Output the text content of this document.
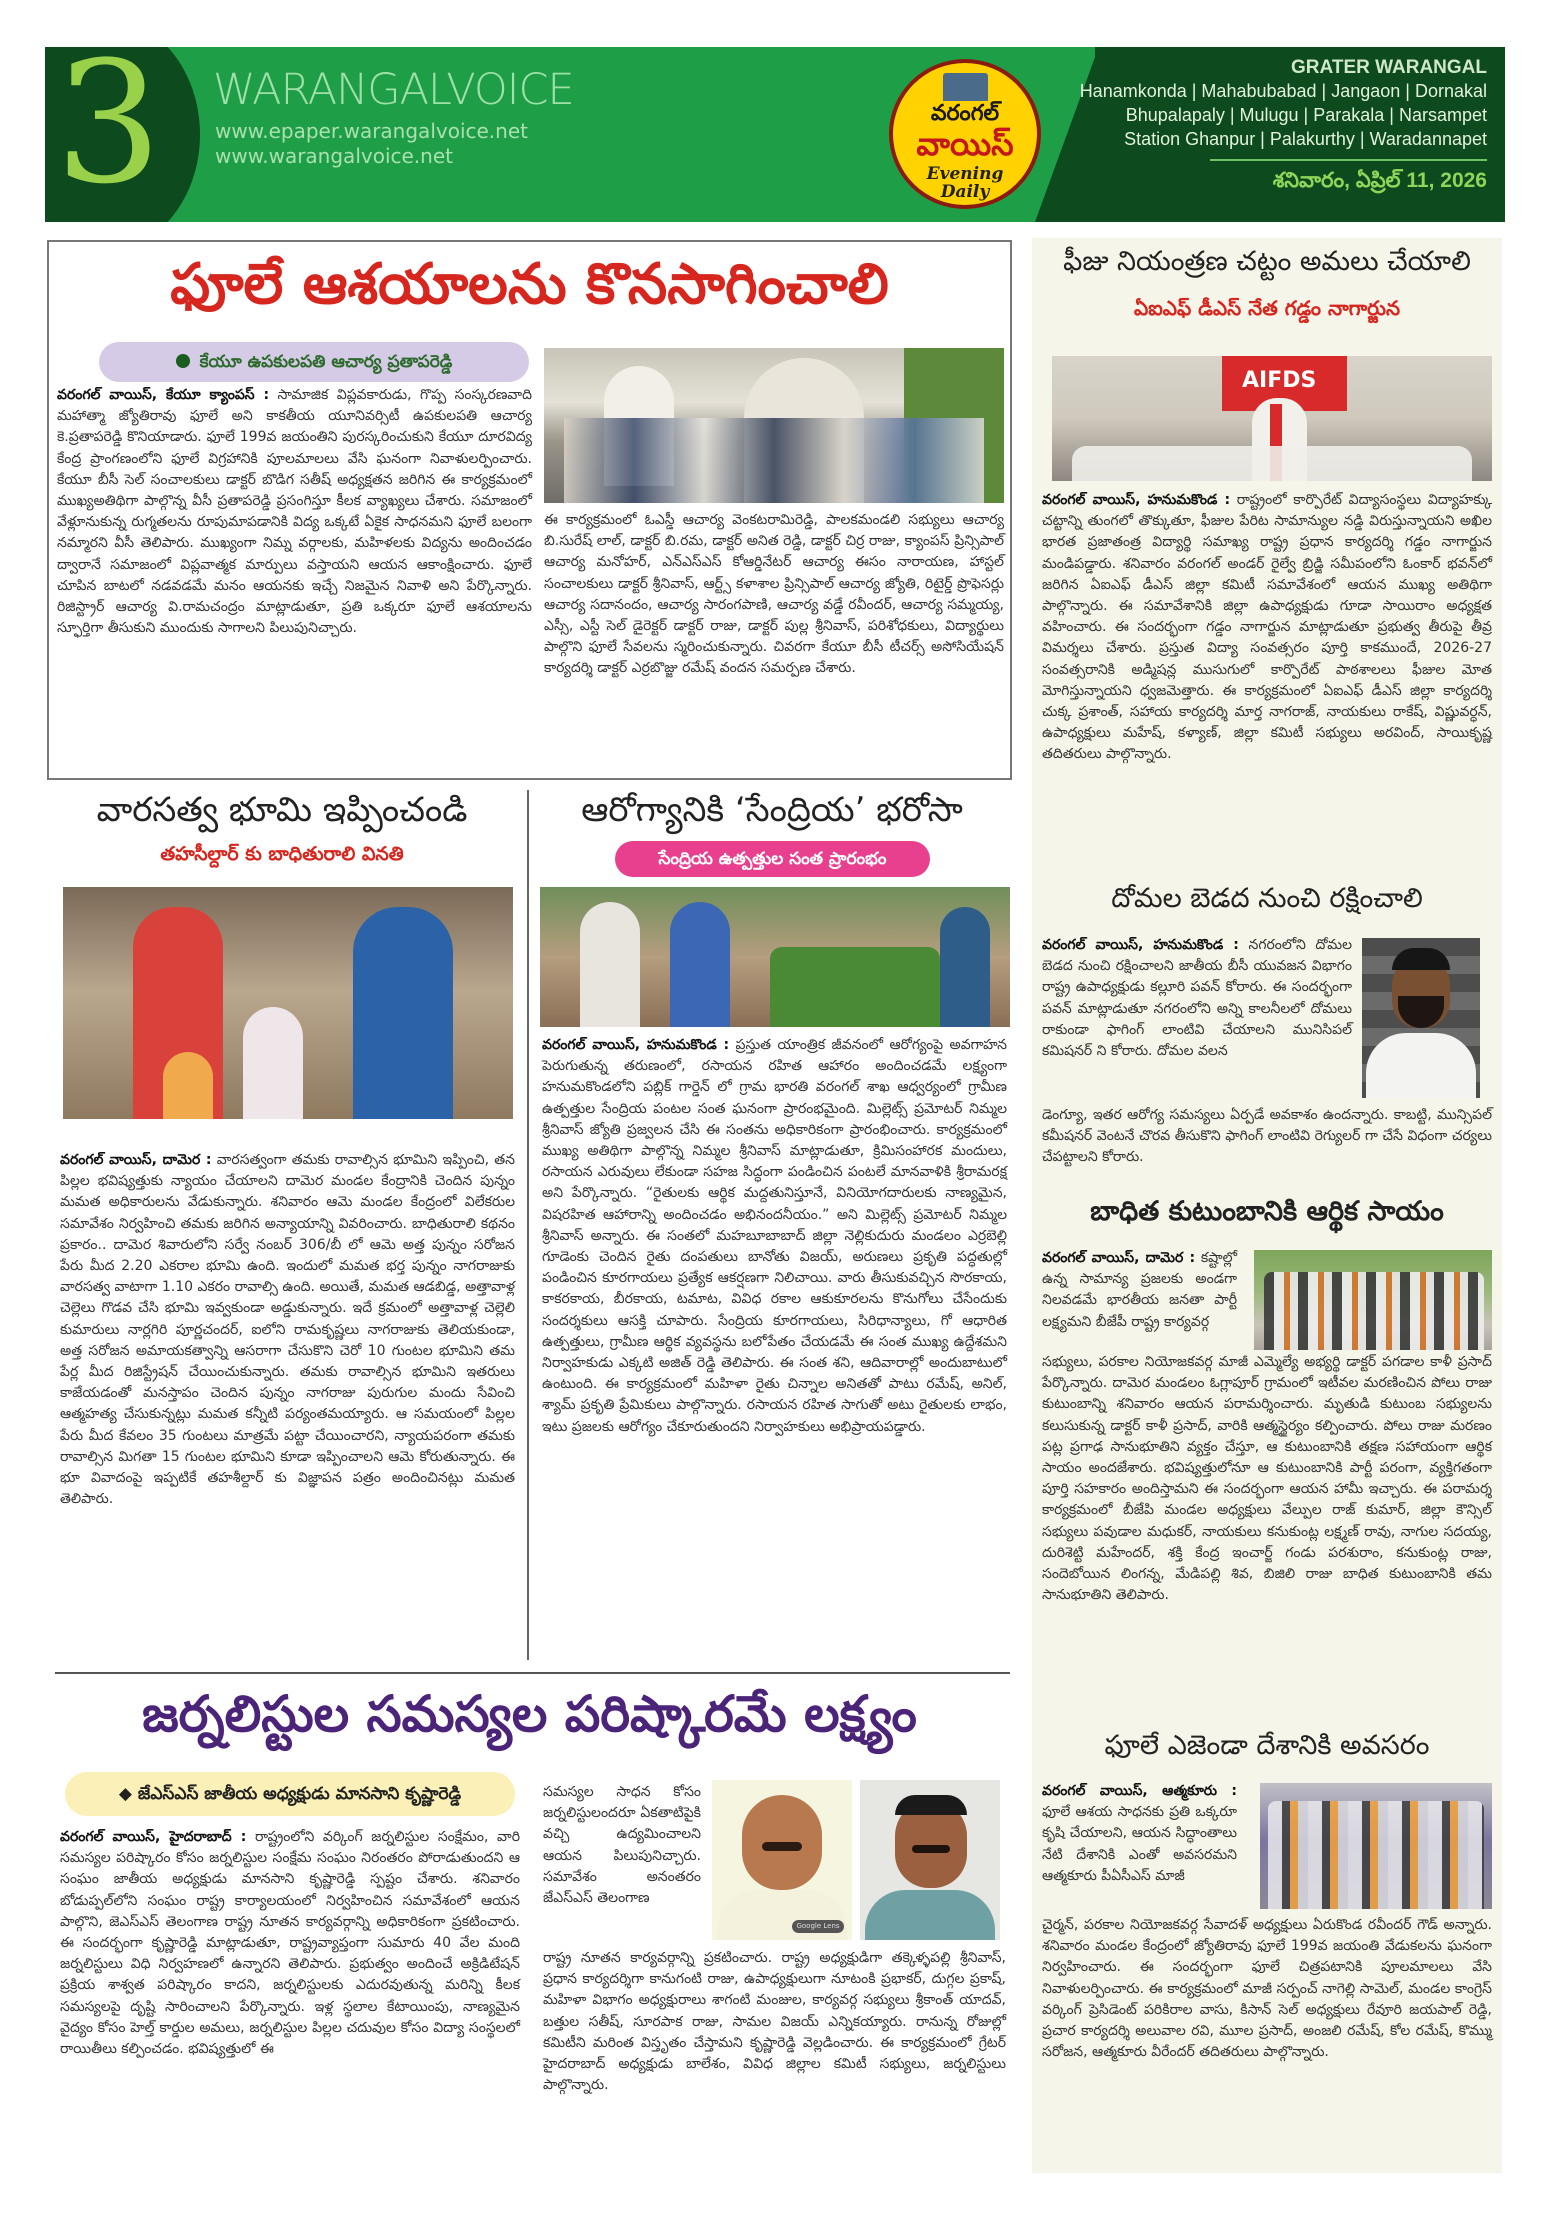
3 WARANGALVOICE
www.epaper.warangalvoice.net
www.warangalvoice.net
వరంగల్
వాయిస్
Evening
Daily
GRATER WARANGAL
Hanamkonda | Mahabubabad | Jangaon | Dornakal
Bhupalapaly | Mulugu | Parakala | Narsampet
Station Ghanpur | Palakurthy | Waradannapet
శనివారం, ఏప్రిల్ 11, 2026
ఫూలే ఆశయాలను కొనసాగించాలి
కేయూ ఉపకులపతి ఆచార్య ప్రతాపరెడ్డి
వరంగల్ వాయిస్, కేయూ క్యాంపస్ : సామాజిక విప్లవకారుడు, గొప్ప సంస్కరణవాది మహాత్మా జ్యోతిరావు ఫూలే అని కాకతీయ యూనివర్సిటీ ఉపకులపతి ఆచార్య కె.ప్రతాపరెడ్డి కొనియాడారు. ఫూలే 199వ జయంతిని పురస్కరించుకుని కేయూ దూరవిద్య కేంద్ర ప్రాంగణంలోని ఫూలే విగ్రహానికి పూలమాలలు వేసి ఘనంగా నివాళులర్పించారు. కేయూ బీసీ సెల్ సంచాలకులు డాక్టర్ బొడిగ సతీష్ అధ్యక్షతన జరిగిన ఈ కార్యక్రమంలో ముఖ్యఅతిథిగా పాల్గొన్న వీసీ ప్రతాపరెడ్డి ప్రసంగిస్తూ కీలక వ్యాఖ్యలు చేశారు. సమాజంలో వేళ్లూనుకున్న రుగ్మతలను రూపుమాపడానికి విద్య ఒక్కటే ఏకైక సాధనమని ఫూలే బలంగా నమ్మారని వీసీ తెలిపారు. ముఖ్యంగా నిమ్న వర్గాలకు, మహిళలకు విద్యను అందించడం ద్వారానే సమాజంలో విప్లవాత్మక మార్పులు వస్తాయని ఆయన ఆకాంక్షించారు. ఫూలే చూపిన బాటలో నడవడమే మనం ఆయనకు ఇచ్చే నిజమైన నివాళి అని పేర్కొన్నారు. రిజిస్ట్రార్ ఆచార్య వి.రామచంద్రం మాట్లాడుతూ, ప్రతి ఒక్కరూ ఫూలే ఆశయాలను స్ఫూర్తిగా తీసుకుని ముందుకు సాగాలని పిలుపునిచ్చారు.
ఈ కార్యక్రమంలో ఓఎస్డీ ఆచార్య వెంకటరామిరెడ్డి, పాలకమండలి సభ్యులు ఆచార్య బి.సురేష్ లాల్, డాక్టర్ బి.రమ, డాక్టర్ అనిత రెడ్డి, డాక్టర్ చిర్ర రాజు, క్యాంపస్ ప్రిన్సిపాల్ ఆచార్య మనోహర్, ఎన్ఎస్ఎస్ కోఆర్డినేటర్ ఆచార్య ఈసం నారాయణ, హాస్టల్ సంచాలకులు డాక్టర్ శ్రీనివాస్, ఆర్ట్స్ కళాశాల ప్రిన్సిపాల్ ఆచార్య జ్యోతి, రిటైర్డ్ ప్రొఫెసర్లు ఆచార్య సదానందం, ఆచార్య సారంగపాణి, ఆచార్య వడ్డే రవీందర్, ఆచార్య సమ్మయ్య, ఎస్సీ, ఎస్టీ సెల్ డైరెక్టర్ డాక్టర్ రాజు, డాక్టర్ పుల్ల శ్రీనివాస్, పరిశోధకులు, విద్యార్థులు పాల్గొని ఫూలే సేవలను స్మరించుకున్నారు. చివరగా కేయూ బీసీ టీచర్స్ అసోసియేషన్ కార్యదర్శి డాక్టర్ ఎర్రబొజ్జు రమేష్ వందన సమర్పణ చేశారు.
వారసత్వ భూమి ఇప్పించండి
తహసీల్దార్ కు బాధితురాలి వినతి
వరంగల్ వాయిస్, దామెర : వారసత్వంగా తమకు రావాల్సిన భూమిని ఇప్పించి, తన పిల్లల భవిష్యత్తుకు న్యాయం చేయాలని దామెర మండల కేంద్రానికి చెందిన పున్నం మమత అధికారులను వేడుకున్నారు. శనివారం ఆమె మండల కేంద్రంలో విలేకరుల సమావేశం నిర్వహించి తమకు జరిగిన అన్యాయాన్ని వివరించారు. బాధితురాలి కథనం ప్రకారం.. దామెర శివారులోని సర్వే నంబర్ 306/బీ లో ఆమె అత్త పున్నం సరోజన పేరు మీద 2.20 ఎకరాల భూమి ఉంది. ఇందులో మమత భర్త పున్నం నాగరాజుకు వారసత్వ వాటాగా 1.10 ఎకరం రావాల్సి ఉంది. అయితే, మమత ఆడబిడ్డ, అత్తావాళ్ల చెల్లెలు గొడవ చేసి భూమి ఇవ్వకుండా అడ్డుకున్నారు. ఇదే క్రమంలో అత్తావాళ్ల చెల్లెలి కుమారులు నార్లగిరి పూర్ణచందర్, ఐలోని రామకృష్ణలు నాగరాజుకు తెలియకుండా, అత్త సరోజన అమాయకత్వాన్ని ఆసరాగా చేసుకొని చెరో 10 గుంటల భూమిని తమ పేర్ల మీద రిజిస్ట్రేషన్ చేయించుకున్నారు. తమకు రావాల్సిన భూమిని ఇతరులు కాజేయడంతో మనస్తాపం చెందిన పున్నం నాగరాజు పురుగుల మందు సేవించి ఆత్మహత్య చేసుకున్నట్లు మమత కన్నీటి పర్యంతమయ్యారు. ఆ సమయంలో పిల్లల పేరు మీద కేవలం 35 గుంటలు మాత్రమే పట్టా చేయించారని, న్యాయపరంగా తమకు రావాల్సిన మిగతా 15 గుంటల భూమిని కూడా ఇప్పించాలని ఆమె కోరుతున్నారు. ఈ భూ వివాదంపై ఇప్పటికే తహశీల్దార్ కు విజ్ఞాపన పత్రం అందించినట్లు మమత తెలిపారు.
ఆరోగ్యానికి ‘సేంద్రియ’ భరోసా
సేంద్రియ ఉత్పత్తుల సంత ప్రారంభం
వరంగల్ వాయిస్, హనుమకొండ : ప్రస్తుత యాంత్రిక జీవనంలో ఆరోగ్యంపై అవగాహన పెరుగుతున్న తరుణంలో, రసాయన రహిత ఆహారం అందించడమే లక్ష్యంగా హనుమకొండలోని పబ్లిక్ గార్డెన్ లో గ్రామ భారతి వరంగల్ శాఖ ఆధ్వర్యంలో గ్రామీణ ఉత్పత్తుల సేంద్రియ పంటల సంత ఘనంగా ప్రారంభమైంది. మిల్లెట్స్ ప్రమోటర్ నిమ్మల శ్రీనివాస్ జ్యోతి ప్రజ్వలన చేసి ఈ సంతను అధికారికంగా ప్రారంభించారు. కార్యక్రమంలో ముఖ్య అతిథిగా పాల్గొన్న నిమ్మల శ్రీనివాస్ మాట్లాడుతూ, క్రిమిసంహారక మందులు, రసాయన ఎరువులు లేకుండా సహజ సిద్ధంగా పండించిన పంటలే మానవాళికి శ్రీరామరక్ష అని పేర్కొన్నారు. “రైతులకు ఆర్థిక మద్దతునిస్తూనే, వినియోగదారులకు నాణ్యమైన, విషరహిత ఆహారాన్ని అందించడం అభినందనీయం.” అని మిల్లెట్స్ ప్రమోటర్ నిమ్మల శ్రీనివాస్ అన్నారు. ఈ సంతలో మహబూబాబాద్ జిల్లా నెల్లికుదురు మండలం ఎర్రబెల్లి గూడెంకు చెందిన రైతు దంపతులు బానోతు విజయ్, అరుణలు ప్రకృతి పద్ధతుల్లో పండించిన కూరగాయలు ప్రత్యేక ఆకర్షణగా నిలిచాయి. వారు తీసుకువచ్చిన సొరకాయ, కాకరకాయ, బీరకాయ, టమాట, వివిధ రకాల ఆకుకూరలను కొనుగోలు చేసేందుకు సందర్శకులు ఆసక్తి చూపారు. సేంద్రియ కూరగాయలు, సిరిధాన్యాలు, గో ఆధారిత ఉత్పత్తులు, గ్రామీణ ఆర్థిక వ్యవస్థను బలోపేతం చేయడమే ఈ సంత ముఖ్య ఉద్దేశమని నిర్వాహకుడు ఎక్కటి అజిత్ రెడ్డి తెలిపారు. ఈ సంత శని, ఆదివారాల్లో అందుబాటులో ఉంటుంది. ఈ కార్యక్రమంలో మహిళా రైతు చిన్నాల అనితతో పాటు రమేష్, అనిల్, శ్యామ్ ప్రకృతి ప్రేమికులు పాల్గొన్నారు. రసాయన రహిత సాగుతో అటు రైతులకు లాభం, ఇటు ప్రజలకు ఆరోగ్యం చేకూరుతుందని నిర్వాహకులు అభిప్రాయపడ్డారు.
జర్నలిస్టుల సమస్యల పరిష్కారమే లక్ష్యం
◆ జేఎస్ఎస్ జాతీయ అధ్యక్షుడు మానసాని కృష్ణారెడ్డి
వరంగల్ వాయిస్, హైదరాబాద్ : రాష్ట్రంలోని వర్కింగ్ జర్నలిస్టుల సంక్షేమం, వారి సమస్యల పరిష్కారం కోసం జర్నలిస్టుల సంక్షేమ సంఘం నిరంతరం పోరాడుతుందని ఆ సంఘం జాతీయ అధ్యక్షుడు మానసాని కృష్ణారెడ్డి స్పష్టం చేశారు. శనివారం బోడుప్పల్‌లోని సంఘం రాష్ట్ర కార్యాలయంలో నిర్వహించిన సమావేశంలో ఆయన పాల్గొని, జెఎస్ఎస్ తెలంగాణ రాష్ట్ర నూతన కార్యవర్గాన్ని అధికారికంగా ప్రకటించారు. ఈ సందర్భంగా కృష్ణారెడ్డి మాట్లాడుతూ, రాష్ట్రవ్యాప్తంగా సుమారు 40 వేల మంది జర్నలిస్టులు విధి నిర్వహణలో ఉన్నారని తెలిపారు. ప్రభుత్వం అందించే అక్రిడిటేషన్ ప్రక్రియ శాశ్వత పరిష్కారం కాదని, జర్నలిస్టులకు ఎదురవుతున్న మరిన్ని కీలక సమస్యలపై దృష్టి సారించాలని పేర్కొన్నారు. ఇళ్ల స్థలాల కేటాయింపు, నాణ్యమైన వైద్యం కోసం హెల్త్ కార్డుల అమలు, జర్నలిస్టుల పిల్లల చదువుల కోసం విద్యా సంస్థలలో రాయితీలు కల్పించడం. భవిష్యత్తులో ఈ
సమస్యల సాధన కోసం జర్నలిస్టులందరూ ఏకతాటిపైకి వచ్చి ఉద్యమించాలని ఆయన పిలుపునిచ్చారు. సమావేశం అనంతరం జేఎస్ఎస్ తెలంగాణ
Google Lens
రాష్ట్ర నూతన కార్యవర్గాన్ని ప్రకటించారు. రాష్ట్ర అధ్యక్షుడిగా తక్కెళ్ళపల్లి శ్రీనివాస్, ప్రధాన కార్యదర్శిగా కానుగంటి రాజు, ఉపాధ్యక్షులుగా నూటంకి ప్రభాకర్, దుగ్గల ప్రకాష్, మహిళా విభాగం అధ్యక్షురాలు శాగంటి మంజుల, కార్యవర్గ సభ్యులు శ్రీకాంత్ యాదవ్, బత్తుల సతీష్, సూరపాక రాజు, సామల విజయ్ ఎన్నికయ్యారు. రానున్న రోజుల్లో కమిటీని మరింత విస్తృతం చేస్తామని కృష్ణారెడ్డి వెల్లడించారు. ఈ కార్యక్రమంలో గ్రేటర్ హైదరాబాద్ అధ్యక్షుడు బాలేశం, వివిధ జిల్లాల కమిటీ సభ్యులు, జర్నలిస్టులు పాల్గొన్నారు.
ఫీజు నియంత్రణ చట్టం అమలు చేయాలి
ఏఐఎఫ్ డీఎస్ నేత గడ్డం నాగార్జున
AIFDS
వరంగల్ వాయిస్, హనుమకొండ : రాష్ట్రంలో కార్పొరేట్ విద్యాసంస్థలు విద్యాహక్కు చట్టాన్ని తుంగలో తొక్కుతూ, ఫీజుల పేరిట సామాన్యుల నడ్డి విరుస్తున్నాయని అఖిల భారత ప్రజాతంత్ర విద్యార్థి సమాఖ్య రాష్ట్ర ప్రధాన కార్యదర్శి గడ్డం నాగార్జున మండిపడ్డారు. శనివారం వరంగల్ అండర్ రైల్వే బ్రిడ్జి సమీపంలోని ఓంకార్ భవన్‌లో జరిగిన ఏఐఎఫ్ డీఎస్ జిల్లా కమిటీ సమావేశంలో ఆయన ముఖ్య అతిథిగా పాల్గొన్నారు. ఈ సమావేశానికి జిల్లా ఉపాధ్యక్షుడు గూడా సాయిరాం అధ్యక్షత వహించారు. ఈ సందర్భంగా గడ్డం నాగార్జున మాట్లాడుతూ ప్రభుత్వ తీరుపై తీవ్ర విమర్శలు చేశారు. ప్రస్తుత విద్యా సంవత్సరం పూర్తి కాకముందే, 2026-27 సంవత్సరానికి అడ్మిషన్ల ముసుగులో కార్పొరేట్ పాఠశాలలు ఫీజుల మోత మోగిస్తున్నాయని ధ్వజమెత్తారు. ఈ కార్యక్రమంలో ఏఐఎఫ్ డీఎస్ జిల్లా కార్యదర్శి చుక్క ప్రశాంత్, సహాయ కార్యదర్శి మార్త నాగరాజ్, నాయకులు రాకేష్, విష్ణువర్ధన్, ఉపాధ్యక్షులు మహేష్, కళ్యాణ్, జిల్లా కమిటీ సభ్యులు అరవింద్, సాయికృష్ణ తదితరులు పాల్గొన్నారు.
దోమల బెడద నుంచి రక్షించాలి
వరంగల్ వాయిస్, హనుమకొండ : నగరంలోని దోమల బెడద నుంచి రక్షించాలని జాతీయ బీసీ యువజన విభాగం రాష్ట్ర ఉపాధ్యక్షుడు కల్లూరి పవన్ కోరారు. ఈ సందర్భంగా పవన్ మాట్లాడుతూ నగరంలోని అన్ని కాలనీలలో దోమలు రాకుండా ఫాగింగ్ లాంటివి చేయాలని మునిసిపల్ కమిషనర్ ని కోరారు. దోమల వలన
డెంగ్యూ, ఇతర ఆరోగ్య సమస్యలు ఏర్పడే అవకాశం ఉందన్నారు. కాబట్టి, మున్సిపల్ కమీషనర్ వెంటనే చొరవ తీసుకొని ఫాగింగ్ లాంటివి రెగ్యులర్ గా చేసే విధంగా చర్యలు చేపట్టాలని కోరారు.
బాధిత కుటుంబానికి ఆర్థిక సాయం
వరంగల్ వాయిస్, దామెర : కష్టాల్లో ఉన్న సామాన్య ప్రజలకు అండగా నిలవడమే భారతీయ జనతా పార్టీ లక్ష్యమని బీజేపీ రాష్ట్ర కార్యవర్గ
సభ్యులు, పరకాల నియోజకవర్గ మాజీ ఎమ్మెల్యే అభ్యర్థి డాక్టర్ పగడాల కాళీ ప్రసాద్ పేర్కొన్నారు. దామెర మండలం ఓగ్లాపూర్ గ్రామంలో ఇటీవల మరణించిన పోలు రాజు కుటుంబాన్ని శనివారం ఆయన పరామర్శించారు. మృతుడి కుటుంబ సభ్యులను కలుసుకున్న డాక్టర్ కాళీ ప్రసాద్, వారికి ఆత్మస్థైర్యం కల్పించారు. పోలు రాజు మరణం పట్ల ప్రగాఢ సానుభూతిని వ్యక్తం చేస్తూ, ఆ కుటుంబానికి తక్షణ సహాయంగా ఆర్థిక సాయం అందజేశారు. భవిష్యత్తులోనూ ఆ కుటుంబానికి పార్టీ పరంగా, వ్యక్తిగతంగా పూర్తి సహకారం అందిస్తామని ఈ సందర్భంగా ఆయన హామీ ఇచ్చారు. ఈ పరామర్శ కార్యక్రమంలో బీజేపి మండల అధ్యక్షులు వేల్పుల రాజ్ కుమార్, జిల్లా కౌన్సిల్ సభ్యులు పవుడాల మధుకర్, నాయకులు కనుకుంట్ల లక్ష్మణ్ రావు, నాగుల సదయ్య, దురిశెట్టి మహేందర్, శక్తి కేంద్ర ఇంచార్జ్ గండు పరశురాం, కనుకుంట్ల రాజు, సందెబోయిన లింగన్న, మేడిపల్లి శివ, బిజిలి రాజు బాధిత కుటుంబానికి తమ సానుభూతిని తెలిపారు.
ఫూలే ఎజెండా దేశానికి అవసరం
వరంగల్ వాయిస్, ఆత్మకూరు : ఫూలే ఆశయ సాధనకు ప్రతి ఒక్కరూ కృషి చేయాలని, ఆయన సిద్ధాంతాలు నేటి దేశానికి ఎంతో అవసరమని ఆత్మకూరు పీఏసీఎస్ మాజీ
చైర్మన్, పరకాల నియోజకవర్గ సేవాదళ్ అధ్యక్షులు ఏరుకొండ రవీందర్ గౌడ్ అన్నారు. శనివారం మండల కేంద్రంలో జ్యోతిరావు ఫూలే 199వ జయంతి వేడుకలను ఘనంగా నిర్వహించారు. ఈ సందర్భంగా ఫూలే చిత్రపటానికి పూలమాలలు వేసి నివాళులర్పించారు. ఈ కార్యక్రమంలో మాజీ సర్పంచ్ నాగెల్లి సామెల్, మండల కాంగ్రెస్ వర్కింగ్ ప్రెసిడెంట్ పరికిరాల వాసు, కిసాన్ సెల్ అధ్యక్షులు రేవూరి జయపాల్ రెడ్డి, ప్రచార కార్యదర్శి అలువాల రవి, మూల ప్రసాద్, అంజలి రమేష్, కోల రమేష్, కొమ్ము సరోజన, ఆత్మకూరు వీరేందర్ తదితరులు పాల్గొన్నారు.
